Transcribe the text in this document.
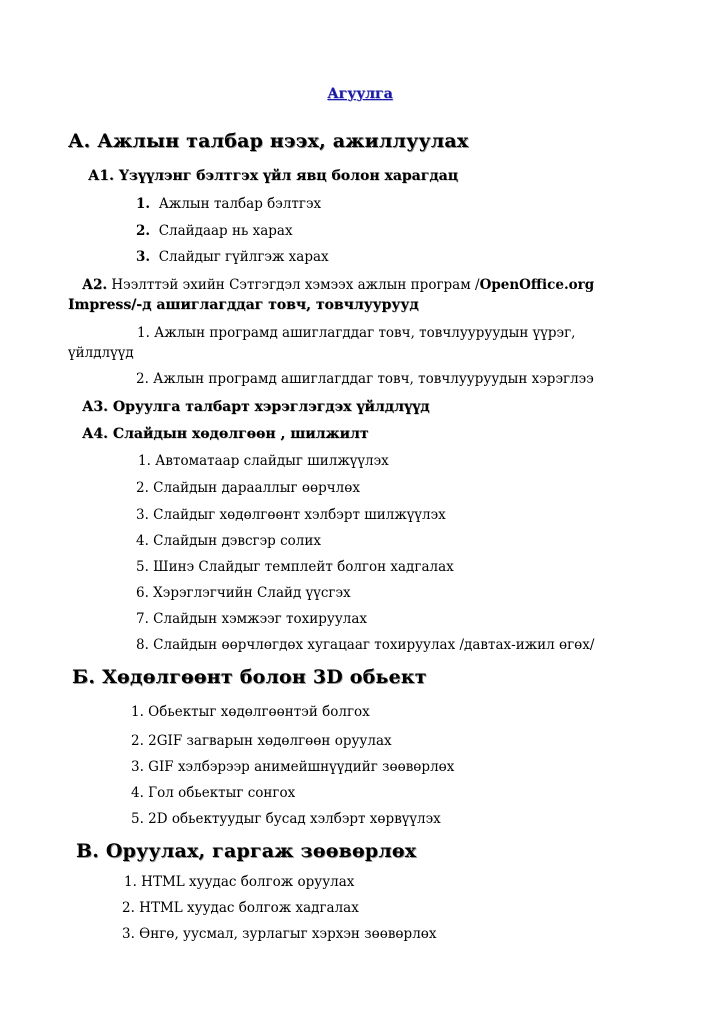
Агуулга
А. Ажлын талбар нээх, ажиллуулах
А1. Үзүүлэнг бэлтгэх үйл явц болон харагдац
1. Ажлын талбар бэлтгэх
2. Слайдаар нь харах
3. Слайдыг гүйлгэж харах
А2. Нээлттэй эхийн Сэтгэгдэл хэмээх ажлын програм /OpenOffice.org
Impress/-д ашиглагддаг товч, товчлуурууд
1. Ажлын програмд ашиглагддаг товч, товчлууруудын үүрэг,
үйлдлүүд
2. Ажлын програмд ашиглагддаг товч, товчлууруудын хэрэглээ
А3. Оруулга талбарт хэрэглэгдэх үйлдлүүд
А4. Слайдын хөдөлгөөн , шилжилт
1. Автоматаар слайдыг шилжүүлэх
2. Слайдын дарааллыг өөрчлөх
3. Слайдыг хөдөлгөөнт хэлбэрт шилжүүлэх
4. Слайдын дэвсгэр солих
5. Шинэ Слайдыг темплейт болгон хадгалах
6. Хэрэглэгчийн Слайд үүсгэх
7. Слайдын хэмжээг тохируулах
8. Слайдын өөрчлөгдөх хугацааг тохируулах /давтах-ижил өгөх/
Б. Хөдөлгөөнт болон 3D обьект
1. Обьектыг хөдөлгөөнтэй болгох
2. 2GIF загварын хөдөлгөөн оруулах
3. GIF хэлбэрээр анимейшнүүдийг зөөвөрлөх
4. Гол обьектыг сонгох
5. 2D обьектуудыг бусад хэлбэрт хөрвүүлэх
В. Оруулах, гаргаж зөөвөрлөх
1. HTML хуудас болгож оруулах
2. HTML хуудас болгож хадгалах
3. Өнгө, уусмал, зурлагыг хэрхэн зөөвөрлөх
